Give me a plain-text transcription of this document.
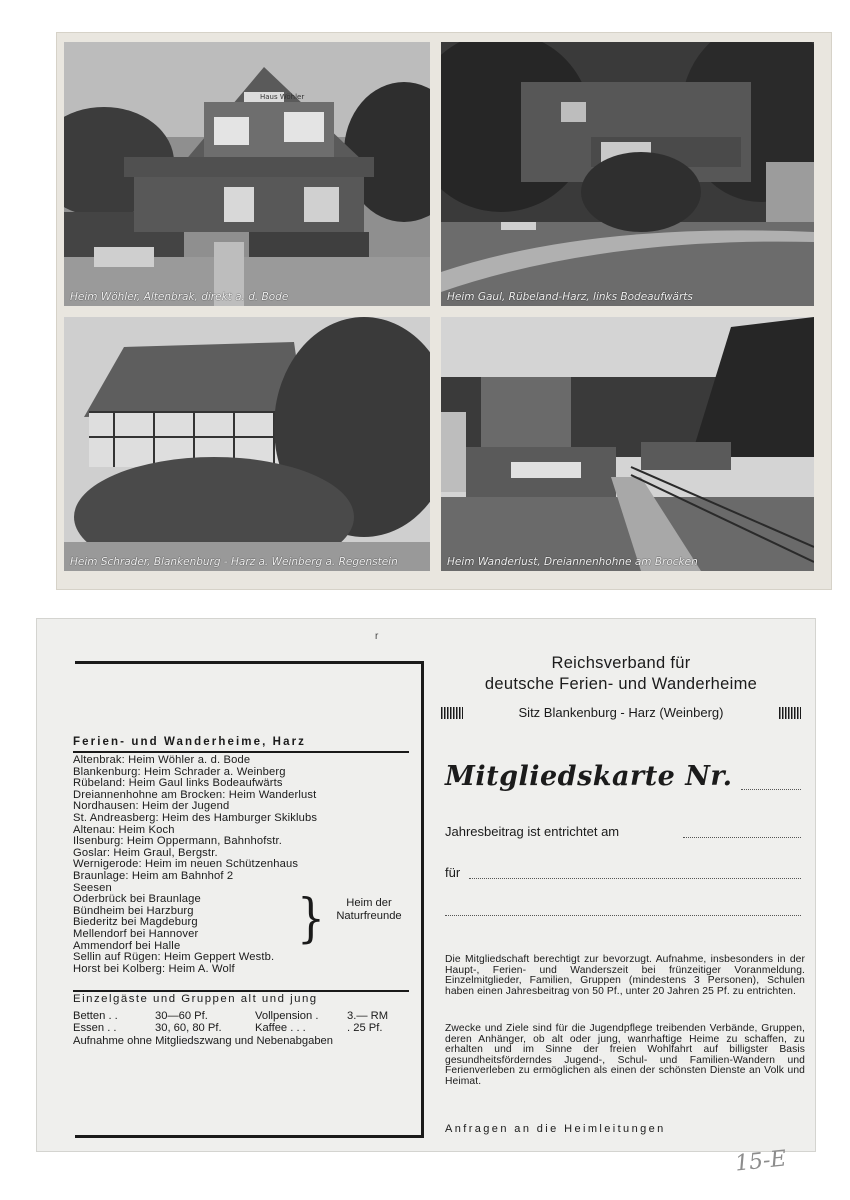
Haus Wöhler
Heim Wöhler, Altenbrak, direkt a. d. Bode	Heim Gaul, Rübeland-Harz, links Bodeaufwärts
Heim Schrader, Blankenburg - Harz a. Weinberg a. Regenstein	Heim Wanderlust, Dreiannenhohne am Brocken
r
Ferien- und Wanderheime, Harz
Altenbrak: Heim Wöhler a. d. Bode
Blankenburg: Heim Schrader a. Weinberg
Rübeland: Heim Gaul links Bodeaufwärts
Dreiannenhohne am Brocken: Heim Wanderlust
Nordhausen: Heim der Jugend
St. Andreasberg: Heim des Hamburger Skiklubs
Altenau: Heim Koch
Ilsenburg: Heim Oppermann, Bahnhofstr.
Goslar: Heim Graul, Bergstr.
Wernigerode: Heim im neuen Schützenhaus
Braunlage: Heim am Bahnhof 2
Seesen
Oderbrück bei Braunlage
Bündheim bei Harzburg
Biederitz bei Magdeburg
Mellendorf bei Hannover
Ammendorf bei Halle	}	Heim der Naturfreunde
Sellin auf Rügen: Heim Geppert Westb.
Horst bei Kolberg: Heim A. Wolf
Einzelgäste und Gruppen alt und jung
Betten . .	30—60 Pf.	Vollpension .	3.— RM
Essen . .	30, 60, 80 Pf.	Kaffee . . .	. 25 Pf.
Aufnahme ohne Mitgliedszwang und Nebenabgaben
Reichsverband für
deutsche Ferien- und Wanderheime
Sitz Blankenburg - Harz (Weinberg)
Mitgliedskarte Nr.
Jahresbeitrag ist entrichtet am
für
Die Mitgliedschaft berechtigt zur bevorzugt. Aufnahme, insbesonders in der Haupt-, Ferien- und Wanderszeit bei frünzeitiger Voranmeldung. Einzelmitglieder, Familien, Gruppen (mindestens 3 Personen), Schulen haben einen Jahresbeitrag von 50 Pf., unter 20 Jahren 25 Pf. zu entrichten.
Zwecke und Ziele sind für die Jugendpflege treibenden Verbände, Gruppen, deren Anhänger, ob alt oder jung, wanrhaftige Heime zu schaffen, zu erhalten und im Sinne der freien Wohlfahrt auf billigster Basis gesundheitsförderndes Jugend-, Schul- und Familien-Wandern und Ferienverleben zu ermöglichen als einen der schönsten Dienste an Volk und Heimat.
Anfragen an die Heimleitungen
15-E
